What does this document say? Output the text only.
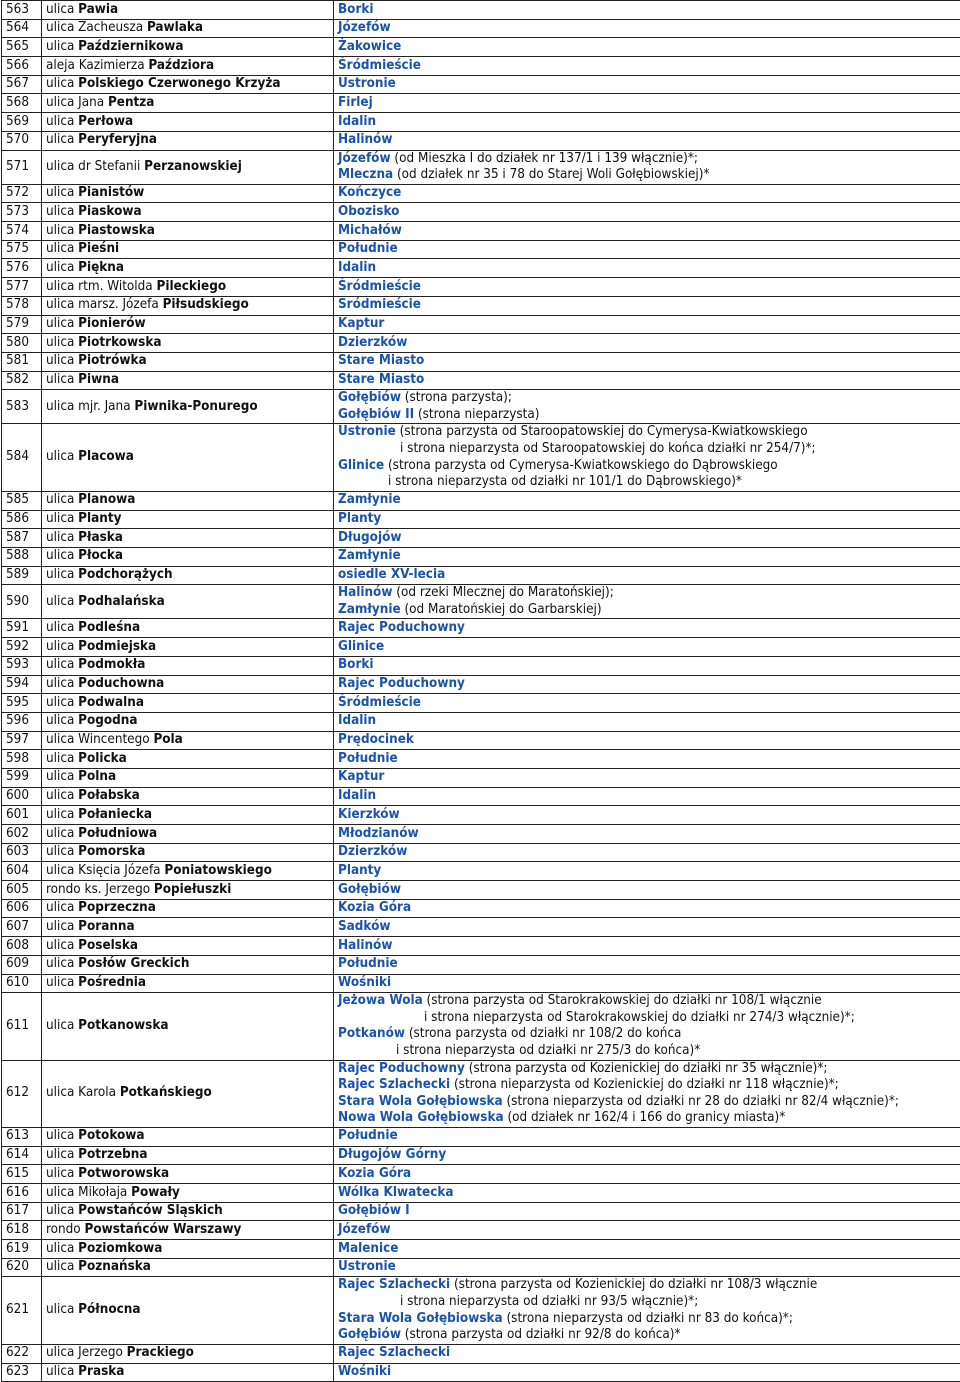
563	ulica Pawia	Borki

564	ulica Zacheusza Pawlaka	Józefów

565	ulica Październikowa	Żakowice

566	aleja Kazimierza Paździora	Śródmieście

567	ulica Polskiego Czerwonego Krzyża	Ustronie

568	ulica Jana Pentza	Firlej

569	ulica Perłowa	Idalin

570	ulica Peryferyjna	Halinów

571	ulica dr Stefanii Perzanowskiej	Józefów (od Mieszka I do działek nr 137/1 i 139 włącznie)*;
Mleczna (od działek nr 35 i 78 do Starej Woli Gołębiowskiej)*

572	ulica Pianistów	Kończyce

573	ulica Piaskowa	Obozisko

574	ulica Piastowska	Michałów

575	ulica Pieśni	Południe

576	ulica Piękna	Idalin

577	ulica rtm. Witolda Pileckiego	Śródmieście

578	ulica marsz. Józefa Piłsudskiego	Śródmieście

579	ulica Pionierów	Kaptur

580	ulica Piotrkowska	Dzierzków

581	ulica Piotrówka	Stare Miasto

582	ulica Piwna	Stare Miasto

583	ulica mjr. Jana Piwnika-Ponurego	Gołębiów (strona parzysta);
Gołębiów II (strona nieparzysta)

584	ulica Placowa	Ustronie (strona parzysta od Staroopatowskiej do Cymerysa-Kwiatkowskiego
i strona nieparzysta od Staroopatowskiej do końca działki nr 254/7)*;
Glinice (strona parzysta od Cymerysa-Kwiatkowskiego do Dąbrowskiego
i strona nieparzysta od działki nr 101/1 do Dąbrowskiego)*

585	ulica Planowa	Zamłynie

586	ulica Planty	Planty

587	ulica Płaska	Długojów

588	ulica Płocka	Zamłynie

589	ulica Podchorążych	osiedle XV-lecia

590	ulica Podhalańska	Halinów (od rzeki Mlecznej do Maratońskiej);
Zamłynie (od Maratońskiej do Garbarskiej)

591	ulica Podleśna	Rajec Poduchowny

592	ulica Podmiejska	Glinice

593	ulica Podmokła	Borki

594	ulica Poduchowna	Rajec Poduchowny

595	ulica Podwalna	Śródmieście

596	ulica Pogodna	Idalin

597	ulica Wincentego Pola	Prędocinek

598	ulica Policka	Południe

599	ulica Polna	Kaptur

600	ulica Połabska	Idalin

601	ulica Połaniecka	Kierzków

602	ulica Południowa	Młodzianów

603	ulica Pomorska	Dzierzków

604	ulica Księcia Józefa Poniatowskiego	Planty

605	rondo ks. Jerzego Popiełuszki	Gołębiów

606	ulica Poprzeczna	Kozia Góra

607	ulica Poranna	Sadków

608	ulica Poselska	Halinów

609	ulica Posłów Greckich	Południe

610	ulica Pośrednia	Wośniki

611	ulica Potkanowska	Jeżowa Wola (strona parzysta od Starokrakowskiej do działki nr 108/1 włącznie
i strona nieparzysta od Starokrakowskiej do działki nr 274/3 włącznie)*;
Potkanów (strona parzysta od działki nr 108/2 do końca
i strona nieparzysta od działki nr 275/3 do końca)*

612	ulica Karola Potkańskiego	Rajec Poduchowny (strona parzysta od Kozienickiej do działki nr 35 włącznie)*;
Rajec Szlachecki (strona nieparzysta od Kozienickiej do działki nr 118 włącznie)*;
Stara Wola Gołębiowska (strona nieparzysta od działki nr 28 do działki nr 82/4 włącznie)*;
Nowa Wola Gołębiowska (od działek nr 162/4 i 166 do granicy miasta)*

613	ulica Potokowa	Południe

614	ulica Potrzebna	Długojów Górny

615	ulica Potworowska	Kozia Góra

616	ulica Mikołaja Powały	Wólka Klwatecka

617	ulica Powstańców Śląskich	Gołębiów I

618	rondo Powstańców Warszawy	Józefów

619	ulica Poziomkowa	Malenice

620	ulica Poznańska	Ustronie

621	ulica Północna	Rajec Szlachecki (strona parzysta od Kozienickiej do działki nr 108/3 włącznie
i strona nieparzysta od działki nr 93/5 włącznie)*;
Stara Wola Gołębiowska (strona nieparzysta od działki nr 83 do końca)*;
Gołębiów (strona parzysta od działki nr 92/8 do końca)*

622	ulica Jerzego Prackiego	Rajec Szlachecki

623	ulica Praska	Wośniki
